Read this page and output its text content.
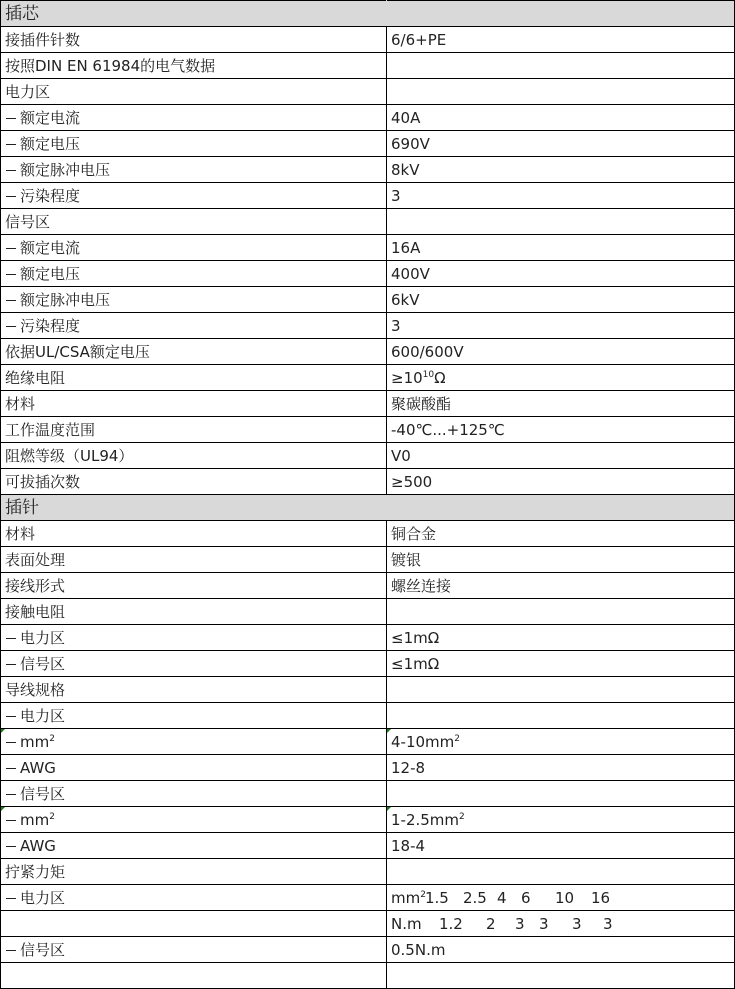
插芯	
接插件针数	6/6+PE
按照DIN EN 61984的电气数据	
电力区	
额定电流	40A
额定电压	690V
额定脉冲电压	8kV
污染程度	3
信号区	
额定电流	16A
额定电压	400V
额定脉冲电压	6kV
污染程度	3
依据UL/CSA额定电压	600/600V
绝缘电阻	$\ge 10^{10}\Omega$
材料	聚碳酸酯
工作温度范围	-40℃...+125℃
阻燃等级（UL94）	V0
可拔插次数	≥500
插针	
材料	铜合金
表面处理	镀银
接线形式	螺丝连接
接触电阻	
电力区	≤1mΩ
信号区	≤1mΩ
导线规格	
电力区	
$mm^2$	$4-10mm^2$
AWG	12-8
信号区	
$mm^2$	$1-2.5mm^2$
AWG	18-4
拧紧力矩	
电力区	$mm^21.5$ 2.5 4 6 10 16
	N.m 1.2 2 3 3 3 3
信号区	0.5N.m
